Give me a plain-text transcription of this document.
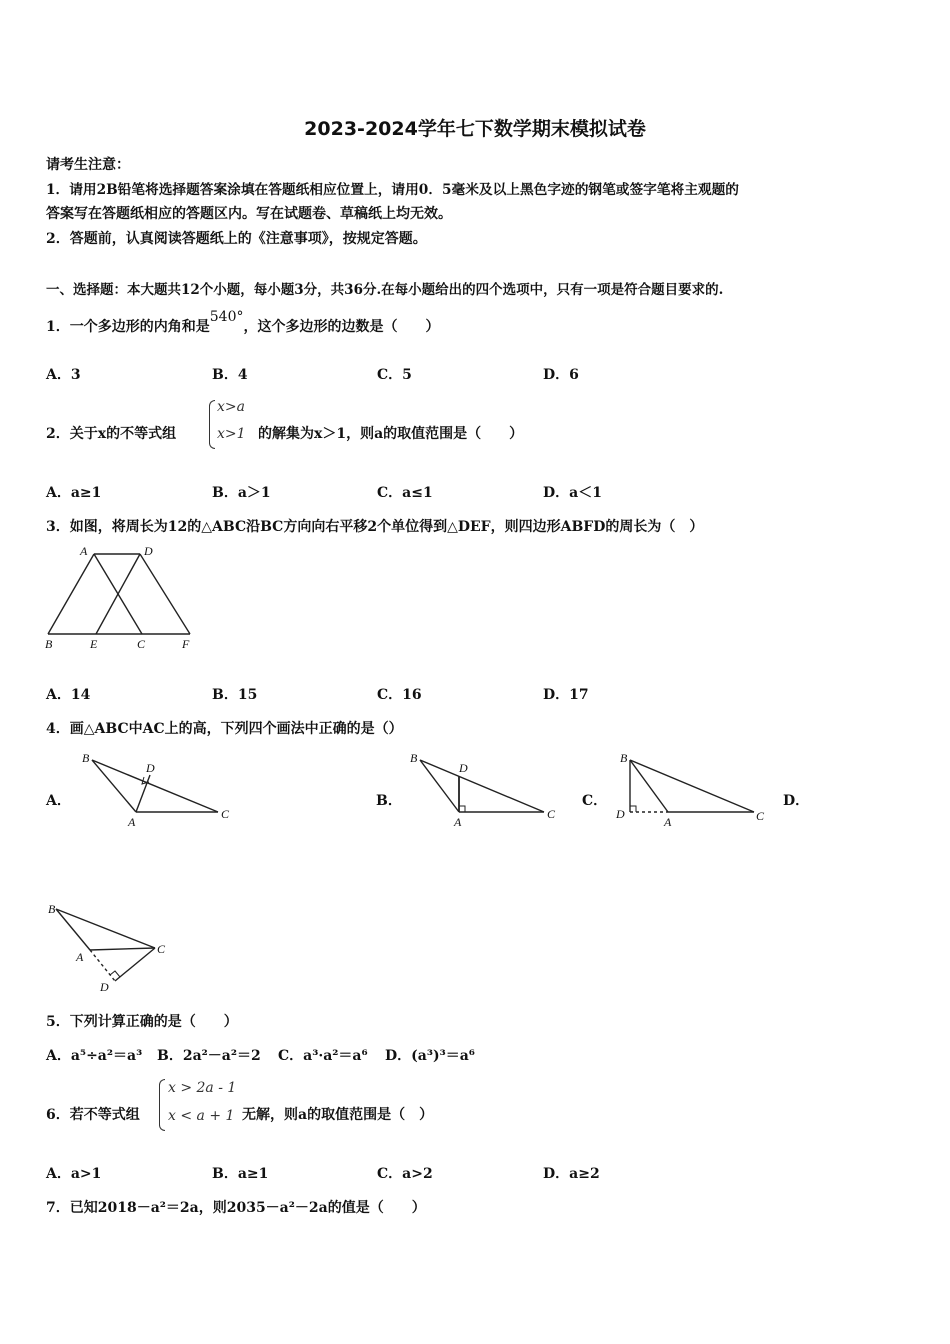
2023-2024学年七下数学期末模拟试卷
请考生注意：
1．请用2B铅笔将选择题答案涂填在答题纸相应位置上，请用0．5毫米及以上黑色字迹的钢笔或签字笔将主观题的
答案写在答题纸相应的答题区内。写在试题卷、草稿纸上均无效。
2．答题前，认真阅读答题纸上的《注意事项》，按规定答题。
一、选择题：本大题共12个小题，每小题3分，共36分.在每小题给出的四个选项中，只有一项是符合题目要求的.
1．一个多边形的内角和是540°，这个多边形的边数是（　　）
A．3	B．4	C．5	D．6
2．关于x的不等式组
x>a
x>1 的解集为x＞1，则a的取值范围是（　　）
A．a≥1	B．a＞1	C．a≤1	D．a＜1
3．如图，将周长为12的△ABC沿BC方向向右平移2个单位得到△DEF，则四边形ABFD的周长为（　）
A	D
B	E	C	F
A．14	B．15	C．16	D．17
4．画△ABC中AC上的高，下列四个画法中正确的是（）
A．
B
D
A
C
B．
B
D
A
C
C．
B
D
A	C
D．
B
A
C
D
5．下列计算正确的是（　　）
A．a⁵÷a²＝a³ B．2a²－a²＝2 C．a³·a²＝a⁶ D．(a³)³＝a⁶
6．若不等式组
x > 2a - 1
x < a + 1 无解，则a的取值范围是（　）
A．a>1	B．a≥1	C．a>2	D．a≥2
7．已知2018－a²＝2a，则2035－a²－2a的值是（　　）
